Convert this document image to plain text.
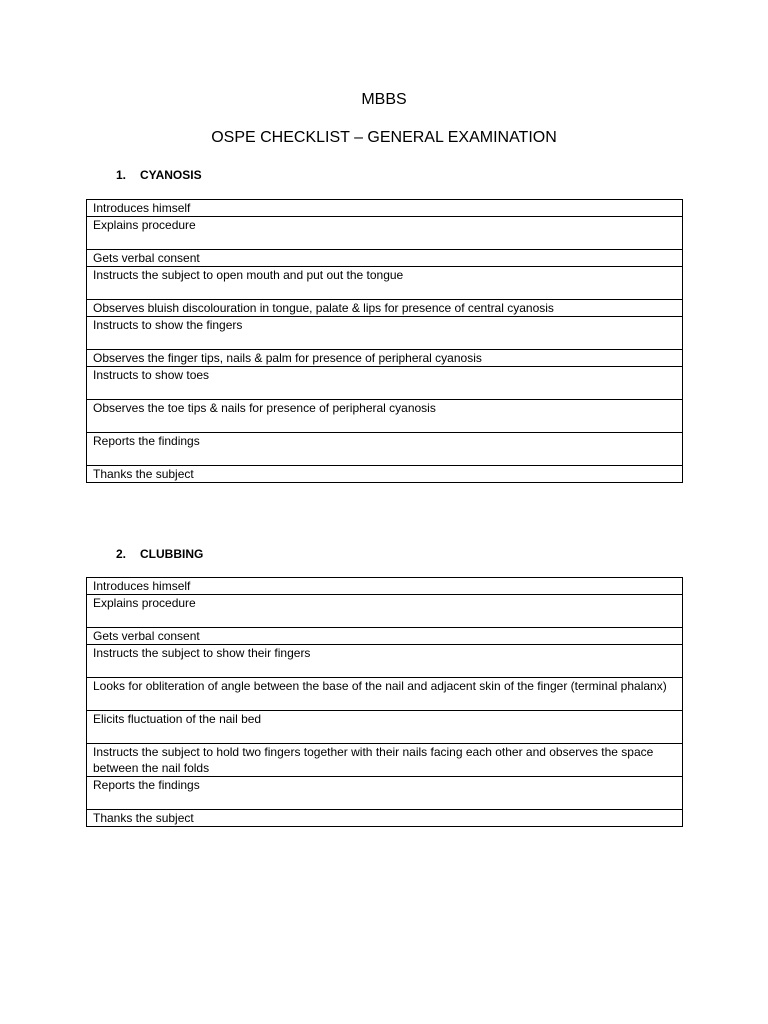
MBBS
OSPE CHECKLIST – GENERAL EXAMINATION
1. CYANOSIS
Introduces himself
Explains procedure
Gets verbal consent
Instructs the subject to open mouth and put out the tongue
Observes bluish discolouration in tongue, palate & lips for presence of central cyanosis
Instructs to show the fingers
Observes the finger tips, nails & palm for presence of peripheral cyanosis
Instructs to show toes
Observes the toe tips & nails for presence of peripheral cyanosis
Reports the findings
Thanks the subject
2. CLUBBING
Introduces himself
Explains procedure
Gets verbal consent
Instructs the subject to show their fingers
Looks for obliteration of angle between the base of the nail and adjacent skin of the finger (terminal phalanx)
Elicits fluctuation of the nail bed
Instructs the subject to hold two fingers together with their nails facing each other and observes the space between the nail folds
Reports the findings
Thanks the subject
